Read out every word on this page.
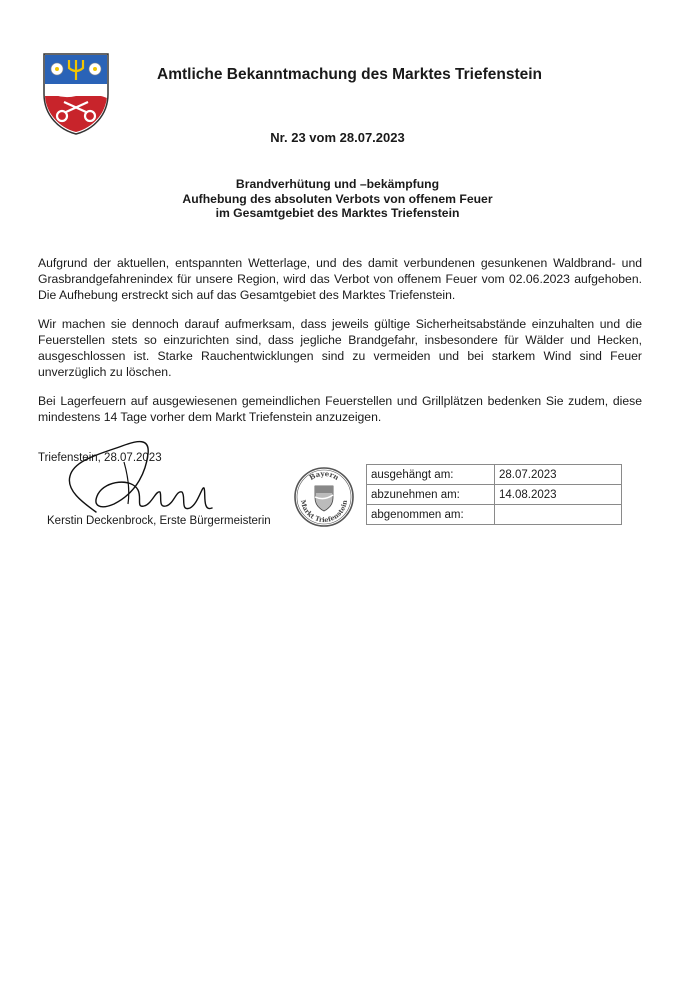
Amtliche Bekanntmachung des Marktes Triefenstein
Nr. 23 vom 28.07.2023
Brandverhütung und –bekämpfung
Aufhebung des absoluten Verbots von offenem Feuer
im Gesamtgebiet des Marktes Triefenstein
Aufgrund der aktuellen, entspannten Wetterlage, und des damit verbundenen gesunkenen Waldbrand- und Grasbrandgefahrenindex für unsere Region, wird das Verbot von offenem Feuer vom 02.06.2023 aufgehoben. Die Aufhebung erstreckt sich auf das Gesamtgebiet des Marktes Triefenstein.
Wir machen sie dennoch darauf aufmerksam, dass jeweils gültige Sicherheitsabstände einzuhalten und die Feuerstellen stets so einzurichten sind, dass jegliche Brandgefahr, insbesondere für Wälder und Hecken, ausgeschlossen ist. Starke Rauchentwicklungen sind zu vermeiden und bei starkem Wind sind Feuer unverzüglich zu löschen.
Bei Lagerfeuern auf ausgewiesenen gemeindlichen Feuerstellen und Grillplätzen bedenken Sie zudem, diese mindestens 14 Tage vorher dem Markt Triefenstein anzuzeigen.
Triefenstein, 28.07.2023
Kerstin Deckenbrock, Erste Bürgermeisterin
Bayern
Markt Triefenstein
ausgehängt am:	28.07.2023
abzunehmen am:	14.08.2023
abgenommen am:	
